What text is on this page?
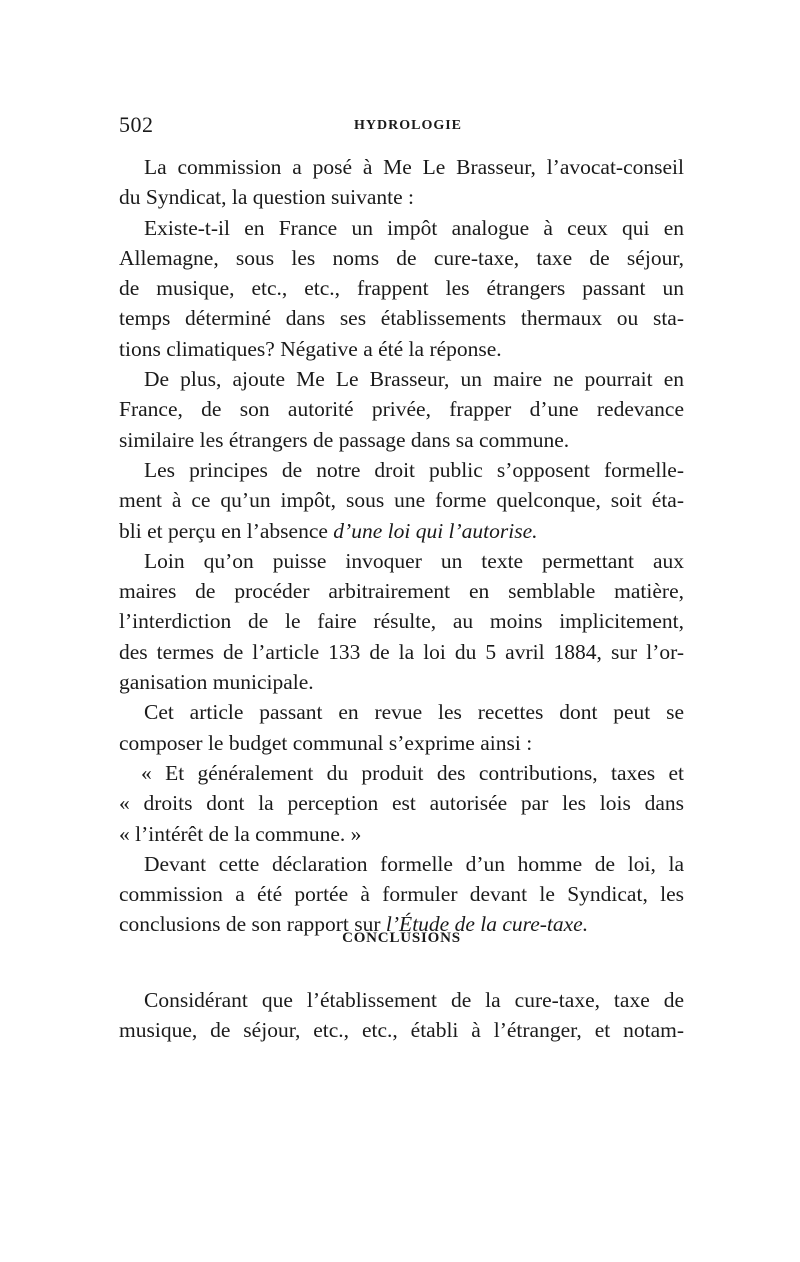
502	HYDROLOGIE
La commission a posé à Me Le Brasseur, l’avocat-conseil
du Syndicat, la question suivante :
Existe-t-il en France un impôt analogue à ceux qui en
Allemagne, sous les noms de cure-taxe, taxe de séjour,
de musique, etc., etc., frappent les étrangers passant un
temps déterminé dans ses établissements thermaux ou sta-
tions climatiques? Négative a été la réponse.
De plus, ajoute Me Le Brasseur, un maire ne pourrait en
France, de son autorité privée, frapper d’une redevance
similaire les étrangers de passage dans sa commune.
Les principes de notre droit public s’opposent formelle-
ment à ce qu’un impôt, sous une forme quelconque, soit éta-
bli et perçu en l’absence d’une loi qui l’autorise.
Loin qu’on puisse invoquer un texte permettant aux
maires de procéder arbitrairement en semblable matière,
l’interdiction de le faire résulte, au moins implicitement,
des termes de l’article 133 de la loi du 5 avril 1884, sur l’or-
ganisation municipale.
Cet article passant en revue les recettes dont peut se
composer le budget communal s’exprime ainsi :
« Et généralement du produit des contributions, taxes et
« droits dont la perception est autorisée par les lois dans
« l’intérêt de la commune. »
Devant cette déclaration formelle d’un homme de loi, la
commission a été portée à formuler devant le Syndicat, les
conclusions de son rapport sur l’Étude de la cure-taxe.
CONCLUSIONS
Considérant que l’établissement de la cure-taxe, taxe de
musique, de séjour, etc., etc., établi à l’étranger, et notam-
